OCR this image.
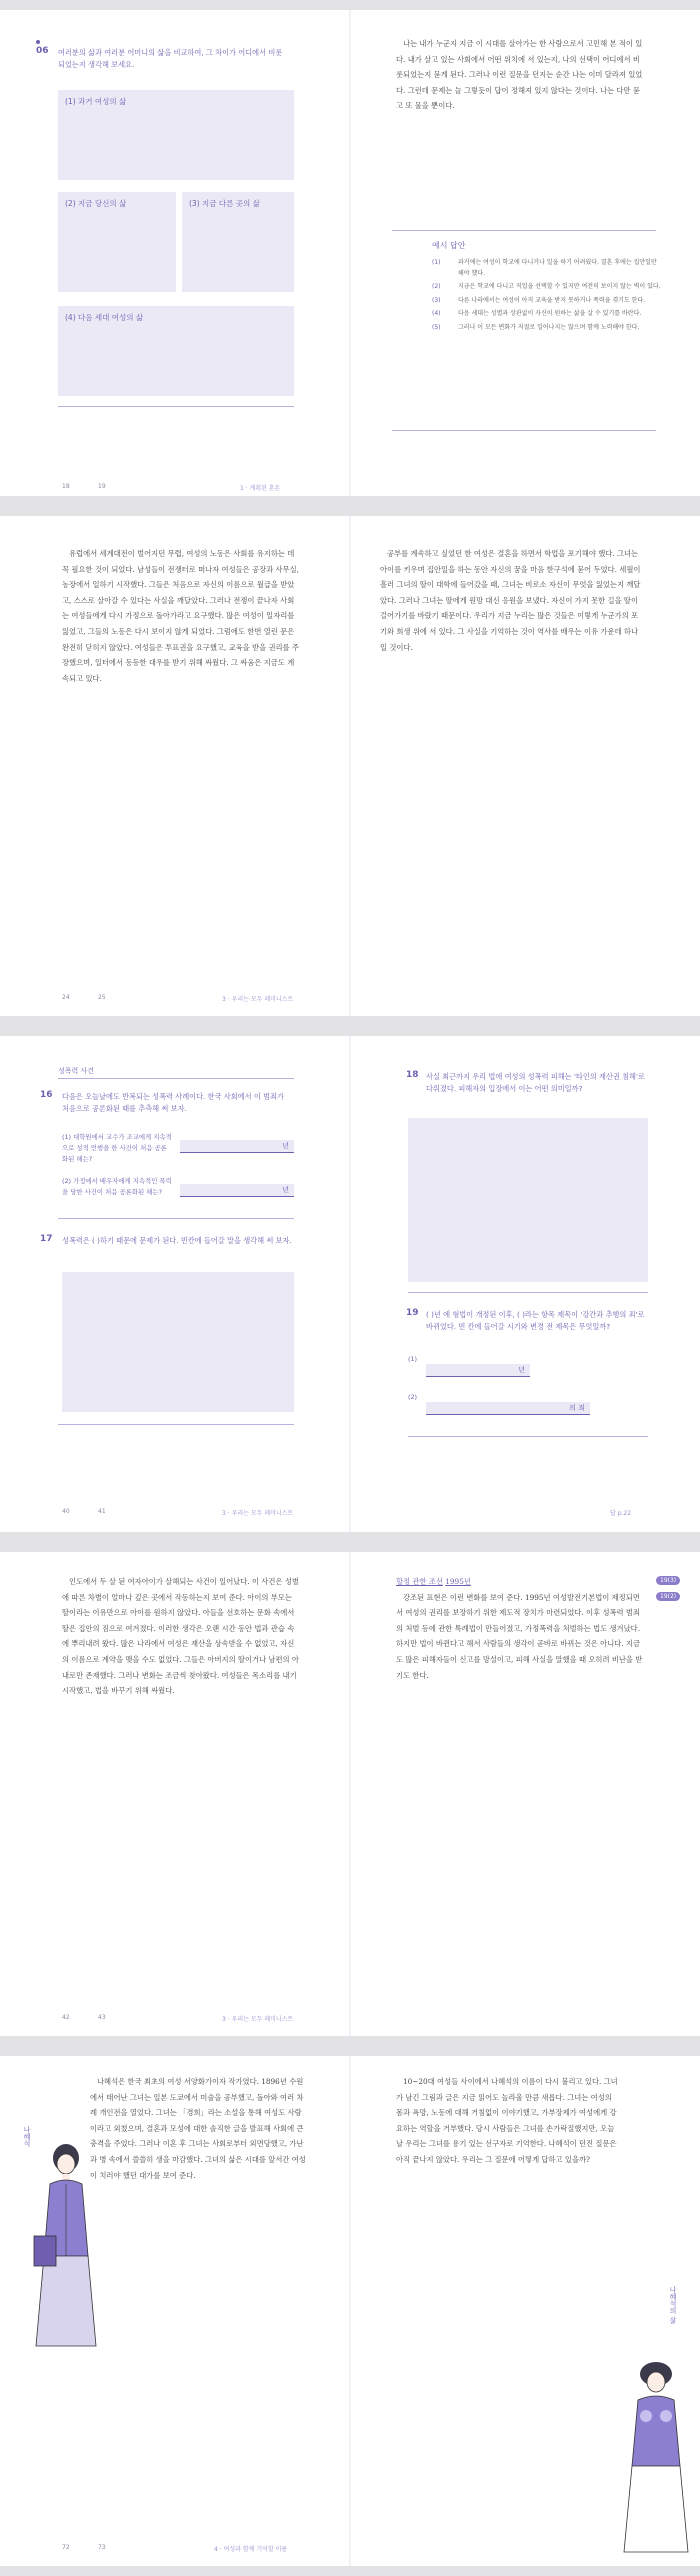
06 여러분의 삶과 여러분 어머니의 삶을 비교하여, 그 차이가 어디에서 비롯되었는지 생각해 보세요.
(1) 과거 여성의 삶
(2) 지금 당신의 삶	(3) 지금 다른 곳의 삶
(4) 다음 세대 여성의 삶
18	19	1 · 계획된 혼돈

나는 내가 누군지 지금 이 시대를 살아가는 한 사람으로서 고민해 본 적이 있다. 내가 살고 있는 사회에서 어떤 위치에 서 있는지, 나의 선택이 어디에서 비롯되었는지 묻게 된다. 그러나 이런 질문을 던지는 순간 나는 이미 달라져 있었다. 그런데 문제는 늘 그렇듯이 답이 정해져 있지 않다는 것이다. 나는 다만 묻고 또 물을 뿐이다.

예시 답안
(1)	과거에는 여성이 학교에 다니거나 일을 하기 어려웠다. 결혼 후에는 집안일만 해야 했다.
(2)	지금은 학교에 다니고 직업을 선택할 수 있지만 여전히 보이지 않는 벽이 있다.
(3)	다른 나라에서는 여성이 아직 교육을 받지 못하거나 폭력을 겪기도 한다.
(4)	다음 세대는 성별과 상관없이 자신이 원하는 삶을 살 수 있기를 바란다.
(5)	그러나 이 모든 변화가 저절로 일어나지는 않으며 함께 노력해야 한다.

유럽에서 세계대전이 벌어지던 무렵, 여성의 노동은 사회를 유지하는 데 꼭 필요한 것이 되었다. 남성들이 전쟁터로 떠나자 여성들은 공장과 사무실, 농장에서 일하기 시작했다. 그들은 처음으로 자신의 이름으로 월급을 받았고, 스스로 살아갈 수 있다는 사실을 깨달았다. 그러나 전쟁이 끝나자 사회는 여성들에게 다시 가정으로 돌아가라고 요구했다. 많은 여성이 일자리를 잃었고, 그들의 노동은 다시 보이지 않게 되었다. 그럼에도 한번 열린 문은 완전히 닫히지 않았다. 여성들은 투표권을 요구했고, 교육을 받을 권리를 주장했으며, 일터에서 동등한 대우를 받기 위해 싸웠다. 그 싸움은 지금도 계속되고 있다.

24	25	3 · 우리는 모두 페미니스트

공부를 계속하고 싶었던 한 여성은 결혼을 하면서 학업을 포기해야 했다. 그녀는 아이를 키우며 집안일을 하는 동안 자신의 꿈을 마음 한구석에 묻어 두었다. 세월이 흘러 그녀의 딸이 대학에 들어갔을 때, 그녀는 비로소 자신이 무엇을 잃었는지 깨달았다. 그러나 그녀는 딸에게 원망 대신 응원을 보냈다. 자신이 가지 못한 길을 딸이 걸어가기를 바랐기 때문이다. 우리가 지금 누리는 많은 것들은 이렇게 누군가의 포기와 희생 위에 서 있다. 그 사실을 기억하는 것이 역사를 배우는 이유 가운데 하나일 것이다.

성폭력 사건
16 다음은 오늘날에도 반복되는 성폭력 사례이다. 한국 사회에서 이 범죄가 처음으로 공론화된 때를 추측해 써 보자.
(1) 대학원에서 교수가 조교에게 지속적으로 성적 언행을 한 사건이 처음 공론화된 해는?
년
(2) 가정에서 배우자에게 지속적인 폭력을 당한 사건이 처음 공론화된 해는?	년
17 성폭력은 ( )하기 때문에 문제가 된다. 빈칸에 들어갈 말을 생각해 써 보자.
40	41	3 · 우리는 모두 페미니스트
18 사실 최근까지 우리 법에 여성의 성폭력 피해는 '타인의 재산권 침해'로 다뤄졌다. 피해자의 입장에서 이는 어떤 의미일까?
19 ( )년 에 형법이 개정된 이후, ( )라는 항목 제목이 '강간과 추행의 죄'로 바뀌었다. 빈 칸에 들어갈 시기와 변경 전 제목은 무엇일까?
(1)
년
(2)
의 죄
답 p.22

인도에서 두 살 된 여자아이가 살해되는 사건이 일어났다. 이 사건은 성별에 따른 차별이 얼마나 깊은 곳에서 작동하는지 보여 준다. 아이의 부모는 딸이라는 이유만으로 아이를 원하지 않았다. 아들을 선호하는 문화 속에서 딸은 집안의 짐으로 여겨졌다. 이러한 생각은 오랜 시간 동안 법과 관습 속에 뿌리내려 왔다. 많은 나라에서 여성은 재산을 상속받을 수 없었고, 자신의 이름으로 계약을 맺을 수도 없었다. 그들은 아버지의 딸이거나 남편의 아내로만 존재했다. 그러나 변화는 조금씩 찾아왔다. 여성들은 목소리를 내기 시작했고, 법을 바꾸기 위해 싸웠다.

42	43	3 · 우리는 모두 페미니스트
할정 관한 조선 1995년

강조된 표현은 이런 변화를 보여 준다. 1995년 여성발전기본법이 제정되면서 여성의 권리를 보장하기 위한 제도적 장치가 마련되었다. 이후 성폭력 범죄의 처벌 등에 관한 특례법이 만들어졌고, 가정폭력을 처벌하는 법도 생겨났다. 하지만 법이 바뀐다고 해서 사람들의 생각이 곧바로 바뀌는 것은 아니다. 지금도 많은 피해자들이 신고를 망설이고, 피해 사실을 말했을 때 오히려 비난을 받기도 한다.

19(3)
19(2)
나혜석

나혜석은 한국 최초의 여성 서양화가이자 작가였다. 1896년 수원에서 태어난 그녀는 일본 도쿄에서 미술을 공부했고, 돌아와 여러 차례 개인전을 열었다. 그녀는 「경희」라는 소설을 통해 여성도 사람이라고 외쳤으며, 결혼과 모성에 대한 솔직한 글을 발표해 사회에 큰 충격을 주었다. 그러나 이혼 후 그녀는 사회로부터 외면당했고, 가난과 병 속에서 쓸쓸히 생을 마감했다. 그녀의 삶은 시대를 앞서간 여성이 치러야 했던 대가를 보여 준다.

72	73	4 · 여성과 함께 기억할 이름

10~20대 여성들 사이에서 나혜석의 이름이 다시 불리고 있다. 그녀가 남긴 그림과 글은 지금 읽어도 놀라울 만큼 새롭다. 그녀는 여성의 몸과 욕망, 노동에 대해 거침없이 이야기했고, 가부장제가 여성에게 강요하는 역할을 거부했다. 당시 사람들은 그녀를 손가락질했지만, 오늘날 우리는 그녀를 용기 있는 선구자로 기억한다. 나혜석이 던진 질문은 아직 끝나지 않았다. 우리는 그 질문에 어떻게 답하고 있을까?

나혜석의 삶
